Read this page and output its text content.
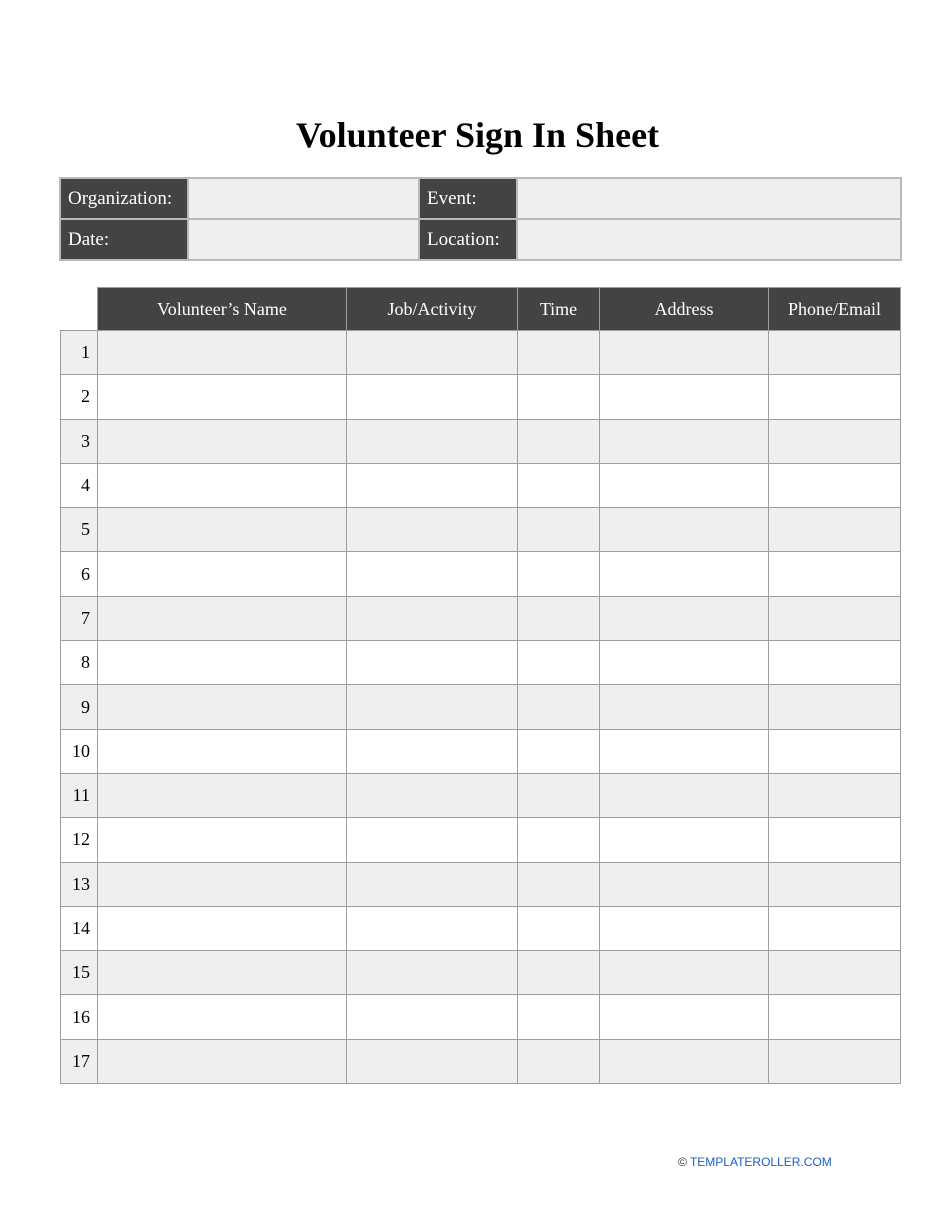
Volunteer Sign In Sheet
Organization:		Event:	
Date:		Location:	
	Volunteer’s Name	Job/Activity	Time	Address	Phone/Email
1					
2					
3					
4					
5					
6					
7					
8					
9					
10					
11					
12					
13					
14					
15					
16					
17					
© TEMPLATEROLLER.COM
